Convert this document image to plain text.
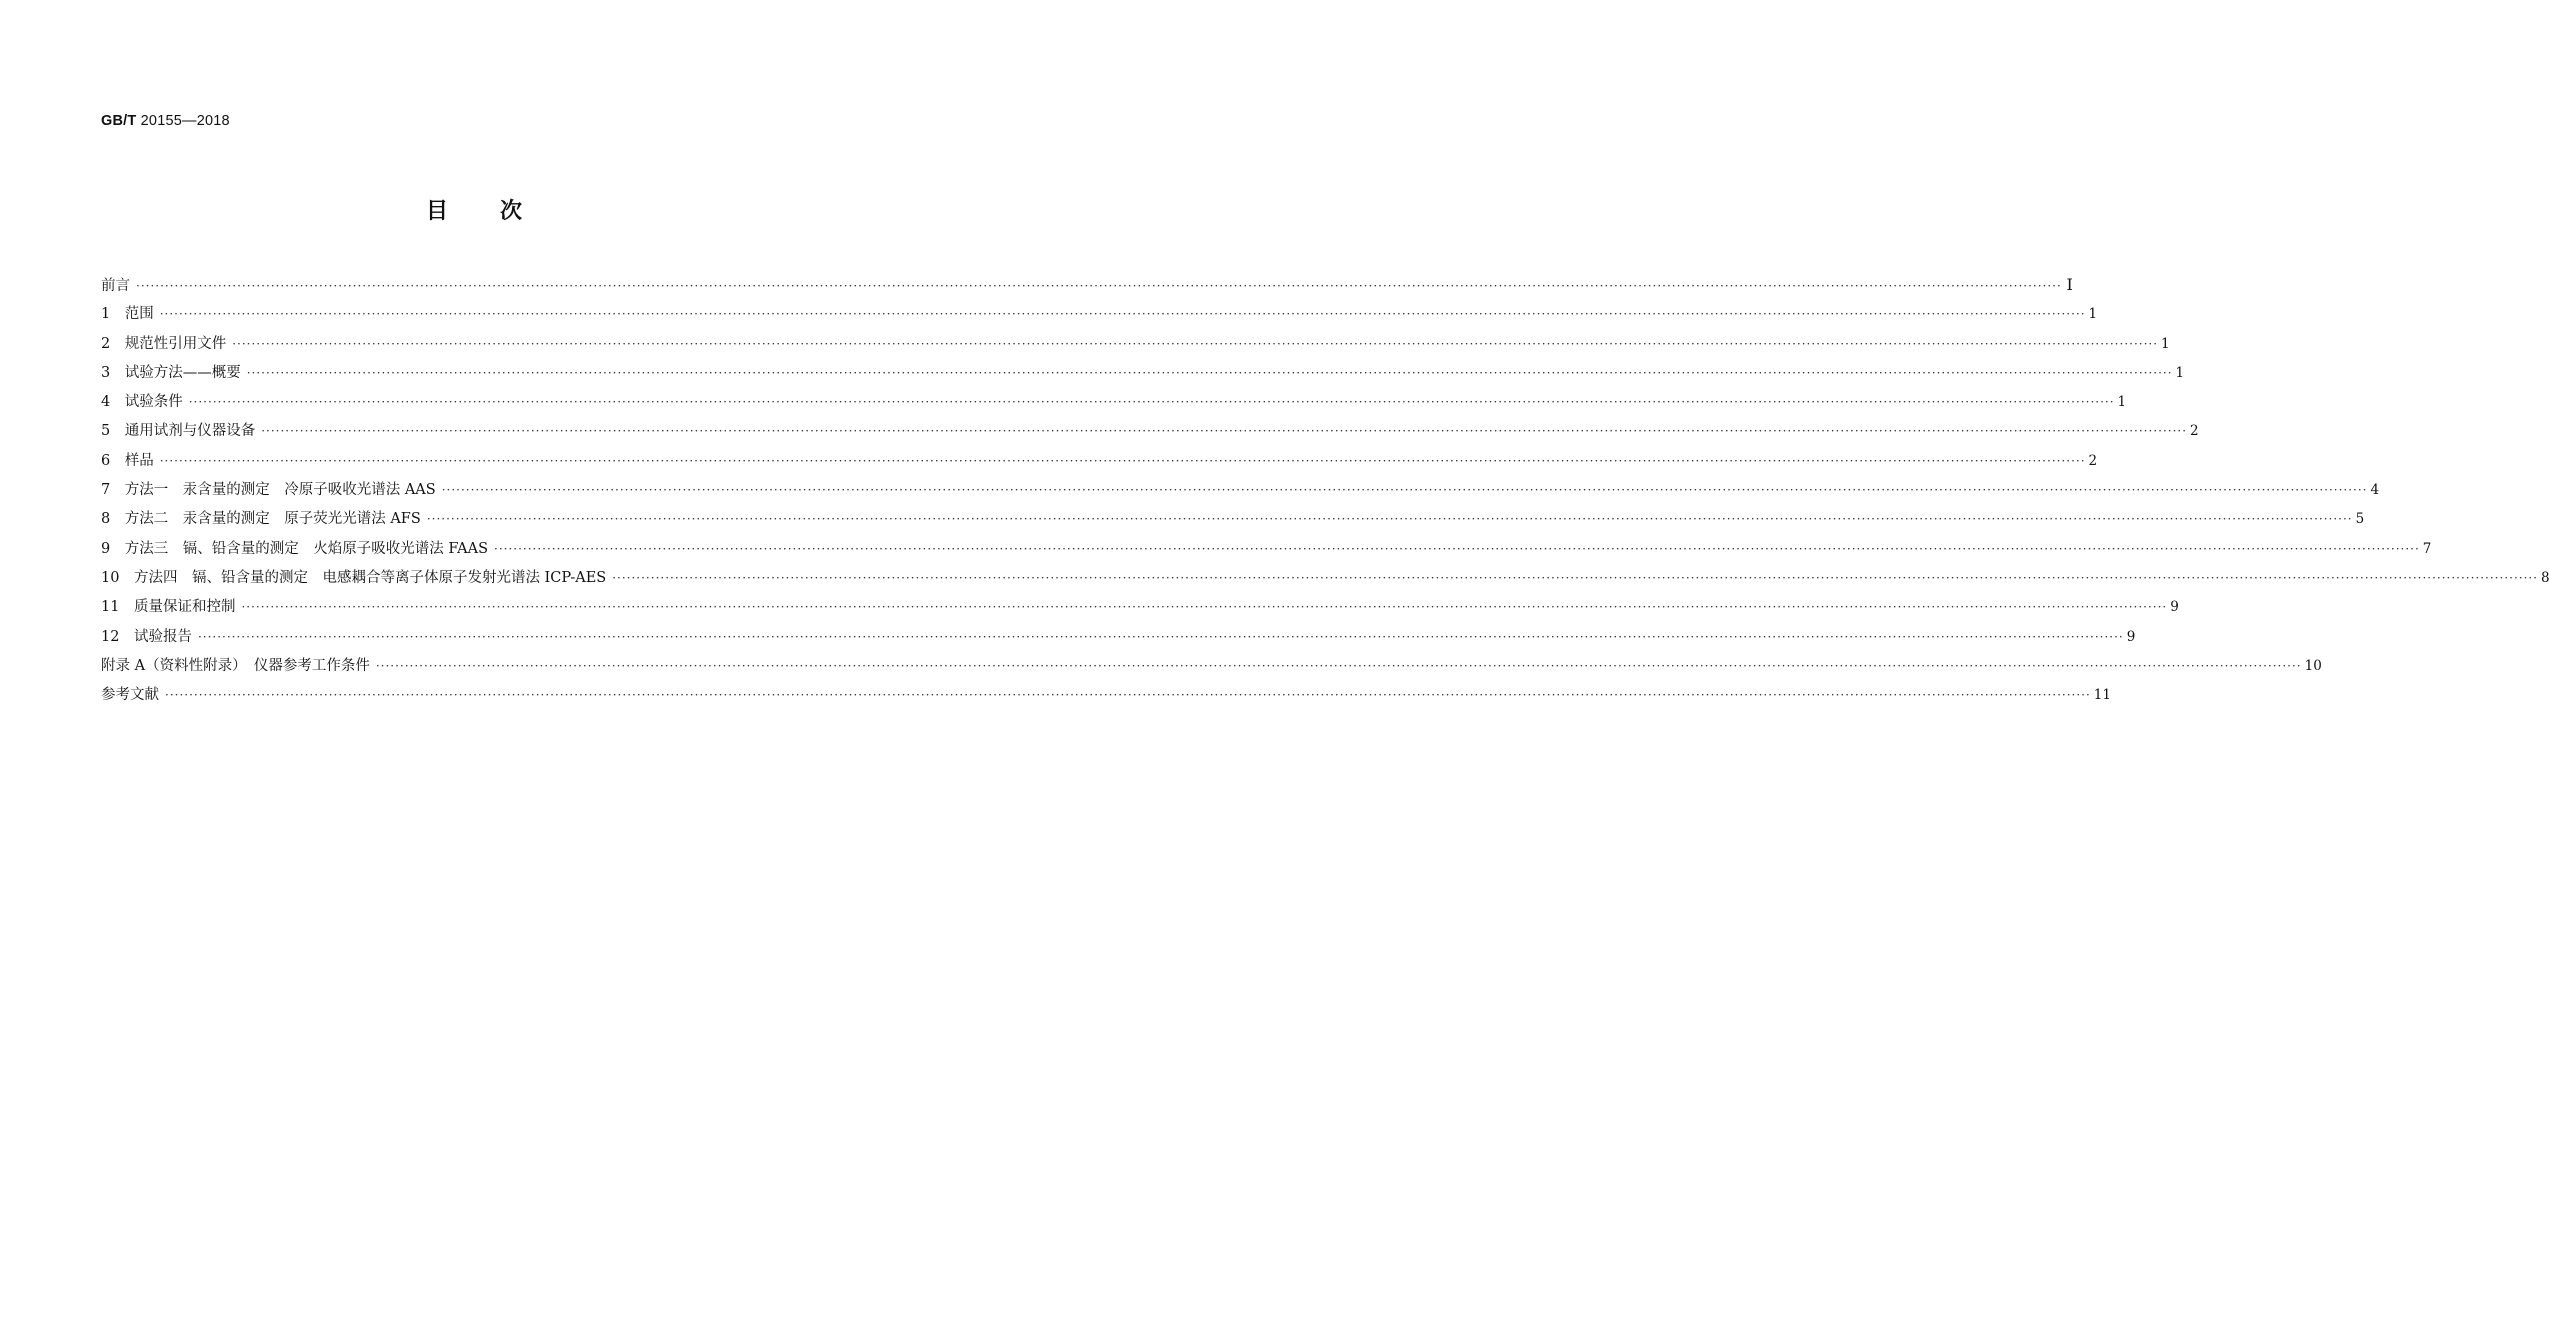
GB/T 20155—2018
目 次
前言 ················································································································································································································································································································································································································ I
1　范围 ················································································································································································································································································································································································································ 1
2　规范性引用文件 ················································································································································································································································································································································································································ 1
3　试验方法——概要 ················································································································································································································································································································································································································ 1
4　试验条件 ················································································································································································································································································································································································································ 1
5　通用试剂与仪器设备 ················································································································································································································································································································································································································ 2
6　样品 ················································································································································································································································································································································································································ 2
7　方法一　汞含量的测定　冷原子吸收光谱法 AAS ················································································································································································································································································································································································································ 4
8　方法二　汞含量的测定　原子荧光光谱法 AFS ················································································································································································································································································································································································································ 5
9　方法三　镉、铅含量的测定　火焰原子吸收光谱法 FAAS ················································································································································································································································································································································································································ 7
10　方法四　镉、铅含量的测定　电感耦合等离子体原子发射光谱法 ICP-AES ················································································································································································································································································································································································································ 8
11　质量保证和控制 ················································································································································································································································································································································································································ 9
12　试验报告 ················································································································································································································································································································································································································ 9
附录 A（资料性附录）　仪器参考工作条件 ················································································································································································································································································································································································································ 10
参考文献 ················································································································································································································································································································································································································ 11
